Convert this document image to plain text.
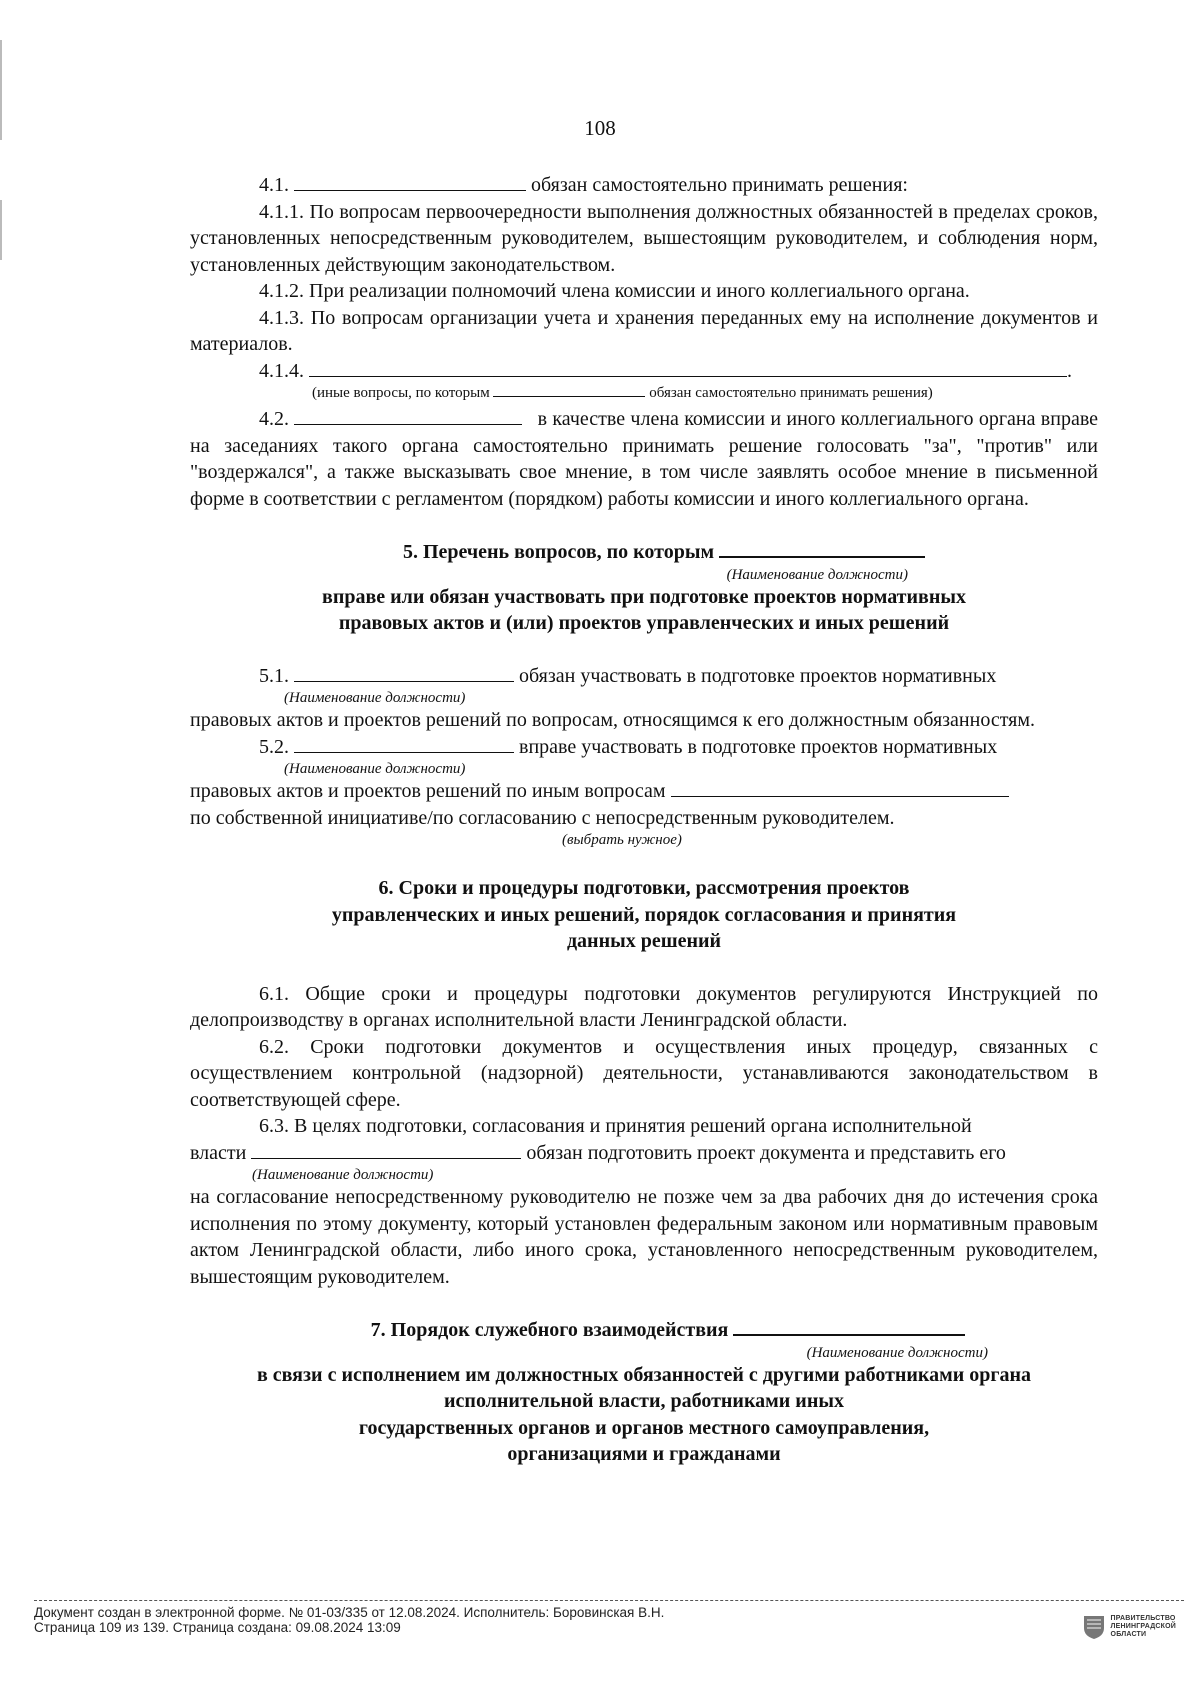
108

4.1.	обязан самостоятельно принимать решения:

4.1.1. По вопросам первоочередности выполнения должностных обязанностей в пределах сроков, установленных непосредственным руководителем, вышестоящим руководителем, и соблюдения норм, установленных действующим законодательством.

4.1.2. При реализации полномочий члена комиссии и иного коллегиального органа.

4.1.3. По вопросам организации учета и хранения переданных ему на исполнение документов и материалов.

4.1.4.	.

(иные вопросы, по которым	обязан самостоятельно принимать решения)

4.2.	в качестве члена комиссии и иного коллегиального органа вправе на заседаниях такого органа самостоятельно принимать решение голосовать "за", "против" или "воздержался", а также высказывать свое мнение, в том числе заявлять особое мнение в письменной форме в соответствии с регламентом (порядком) работы комиссии и иного коллегиального органа.

5. Перечень вопросов, по которым

(Наименование должности)

вправе или обязан участвовать при подготовке проектов нормативных

правовых актов и (или) проектов управленческих и иных решений

5.1.	обязан участвовать в подготовке проектов нормативных

(Наименование должности)

правовых актов и проектов решений по вопросам, относящимся к его должностным обязанностям.

5.2.	вправе участвовать в подготовке проектов нормативных

(Наименование должности)

правовых актов и проектов решений по иным вопросам

по собственной инициативе/по согласованию с непосредственным руководителем.

(выбрать нужное)

6. Сроки и процедуры подготовки, рассмотрения проектов

управленческих и иных решений, порядок согласования и принятия

данных решений

6.1. Общие сроки и процедуры подготовки документов регулируются Инструкцией по делопроизводству в органах исполнительной власти Ленинградской области.

6.2. Сроки подготовки документов и осуществления иных процедур, связанных с осуществлением контрольной (надзорной) деятельности, устанавливаются законодательством в соответствующей сфере.

6.3. В целях подготовки, согласования и принятия решений органа исполнительной

власти	обязан подготовить проект документа и представить его

(Наименование должности)

на согласование непосредственному руководителю не позже чем за два рабочих дня до истечения срока исполнения по этому документу, который установлен федеральным законом или нормативным правовым актом Ленинградской области, либо иного срока, установленного непосредственным руководителем, вышестоящим руководителем.

7. Порядок служебного взаимодействия

(Наименование должности)

в связи с исполнением им должностных обязанностей с другими работниками органа

исполнительной власти, работниками иных

государственных органов и органов местного самоуправления,

организациями и гражданами

Документ создан в электронной форме. № 01-03/335 от 12.08.2024. Исполнитель: Боровинская В.Н.
Страница 109 из 139. Страница создана: 09.08.2024 13:09
ПРАВИТЕЛЬСТВО
ЛЕНИНГРАДСКОЙ
ОБЛАСТИ
